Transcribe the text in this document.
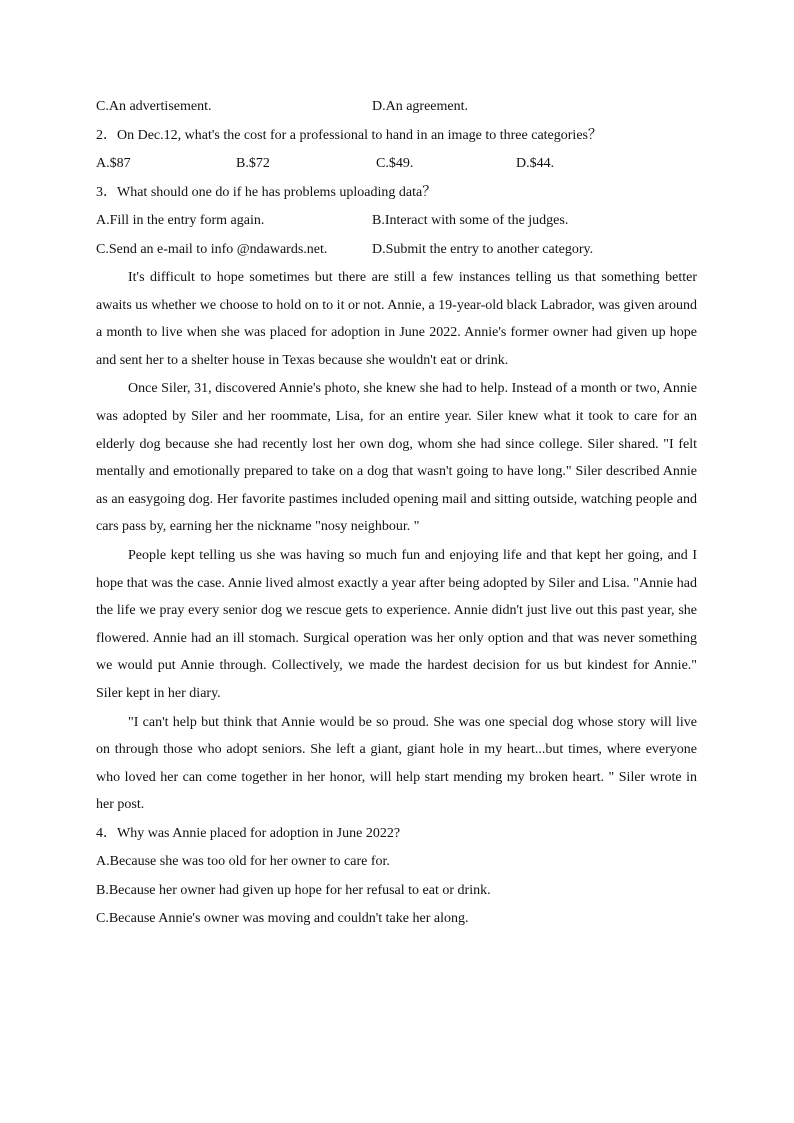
C.An advertisement.	D.An agreement.
2．On Dec.12, what's the cost for a professional to hand in an image to three categories？
A.$87	B.$72	C.$49.	D.$44.
3．What should one do if he has problems uploading data？
A.Fill in the entry form again.	B.Interact with some of the judges.
C.Send an e-mail to info @ndawards.net.	D.Submit the entry to another category.

It's difficult to hope sometimes but there are still a few instances telling us that something better awaits us whether we choose to hold on to it or not. Annie, a 19-year-old black Labrador, was given around a month to live when she was placed for adoption in June 2022. Annie's former owner had given up hope and sent her to a shelter house in Texas because she wouldn't eat or drink.

Once Siler, 31, discovered Annie's photo, she knew she had to help. Instead of a month or two, Annie was adopted by Siler and her roommate, Lisa, for an entire year. Siler knew what it took to care for an elderly dog because she had recently lost her own dog, whom she had since college. Siler shared. "I felt mentally and emotionally prepared to take on a dog that wasn't going to have long." Siler described Annie as an easygoing dog. Her favorite pastimes included opening mail and sitting outside, watching people and cars pass by, earning her the nickname "nosy neighbour. "

People kept telling us she was having so much fun and enjoying life and that kept her going, and I hope that was the case. Annie lived almost exactly a year after being adopted by Siler and Lisa. "Annie had the life we pray every senior dog we rescue gets to experience. Annie didn't just live out this past year, she flowered. Annie had an ill stomach. Surgical operation was her only option and that was never something we would put Annie through. Collectively, we made the hardest decision for us but kindest for Annie." Siler kept in her diary.

"I can't help but think that Annie would be so proud. She was one special dog whose story will live on through those who adopt seniors. She left a giant, giant hole in my heart...but times, where everyone who loved her can come together in her honor, will help start mending my broken heart. " Siler wrote in her post.

4．Why was Annie placed for adoption in June 2022?
A.Because she was too old for her owner to care for.
B.Because her owner had given up hope for her refusal to eat or drink.
C.Because Annie's owner was moving and couldn't take her along.
